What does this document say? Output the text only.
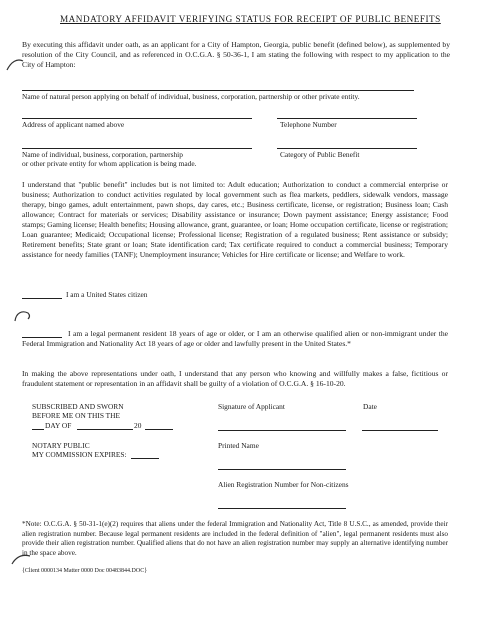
MANDATORY AFFIDAVIT VERIFYING STATUS FOR RECEIPT OF PUBLIC BENEFITS
By executing this affidavit under oath, as an applicant for a City of Hampton, Georgia, public benefit (defined below), as supplemented by resolution of the City Council, and as referenced in O.C.G.A. § 50-36-1, I am stating the following with respect to my application to the City of Hampton:
Name of natural person applying on behalf of individual, business, corporation, partnership or other private entity.
Address of applicant named above	Telephone Number
Name of individual, business, corporation, partnership
or other private entity for whom application is being made.
Category of Public Benefit
I understand that "public benefit" includes but is not limited to: Adult education; Authorization to conduct a commercial enterprise or business; Authorization to conduct activities regulated by local government such as flea markets, peddlers, sidewalk vendors, massage therapy, bingo games, adult entertainment, pawn shops, day cares, etc.; Business certificate, license, or registration; Business loan; Cash allowance; Contract for materials or services; Disability assistance or insurance; Down payment assistance; Energy assistance; Food stamps; Gaming license; Health benefits; Housing allowance, grant, guarantee, or loan; Home occupation certificate, license or registration; Loan guarantee; Medicaid; Occupational license; Professional license; Registration of a regulated business; Rent assistance or subsidy; Retirement benefits; State grant or loan; State identification card; Tax certificate required to conduct a commercial business; Temporary assistance for needy families (TANF); Unemployment insurance; Vehicles for Hire certificate or license; and Welfare to work.
I am a United States citizen
I am a legal permanent resident 18 years of age or older, or I am an otherwise qualified alien or non-immigrant under the Federal Immigration and Nationality Act 18 years of age or older and lawfully present in the United States.*
In making the above representations under oath, I understand that any person who knowing and willfully makes a false, fictitious or fraudulent statement or representation in an affidavit shall be guilty of a violation of O.C.G.A. § 16-10-20.
SUBSCRIBED AND SWORN
BEFORE ME ON THIS THE
DAY OF	20
NOTARY PUBLIC
MY COMMISSION EXPIRES:
Signature of Applicant	Date
Printed Name
Alien Registration Number for Non-citizens
*Note: O.C.G.A. § 50-31-1(e)(2) requires that aliens under the federal Immigration and Nationality Act, Title 8 U.S.C., as amended, provide their alien registration number. Because legal permanent residents are included in the federal definition of "alien", legal permanent residents must also provide their alien registration number. Qualified aliens that do not have an alien registration number may supply an alternative identifying number in the space above.
{Client 0000134 Matter 0000 Doc 00483844.DOC}
